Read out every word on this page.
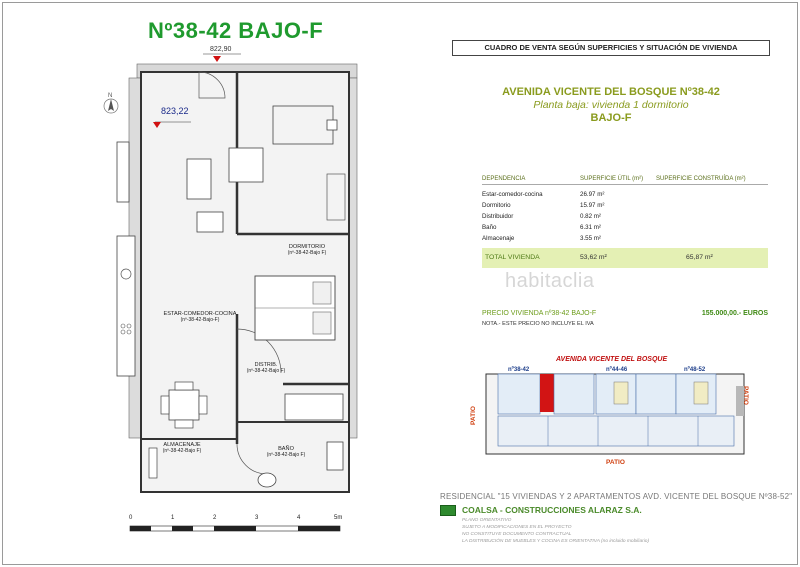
Nº38-42 BAJO-F
N
822,90
823,22
ESTAR-COMEDOR-COCINA
(nº-38-42-Bajo-F)
DORMITORIO
(nº-38-42-Bajo F)
DISTRIB.
(nº-38-42-Bajo F)
ALMACENAJE
(nº-38-42-Bajo F)	BAÑO
(nº-38-42-Bajo F)
0	1	2	3	4	5m
CUADRO DE VENTA SEGÚN SUPERFICIES Y SITUACIÓN DE VIVIENDA
AVENIDA VICENTE DEL BOSQUE Nº38-42
Planta baja: vivienda 1 dormitorio
BAJO-F
DEPENDENCIA	SUPERFICIE ÚTIL (m²)	SUPERFICIE CONSTRUÍDA (m²)
Estar-comedor-cocina	26.97 m²
Dormitorio	15.97 m²
Distribuidor	0.82 m²
Baño	6.31 m²
Almacenaje	3.55 m²
TOTAL VIVIENDA	53,62 m²	65,87 m²
PRECIO VIVIENDA nº38-42 BAJO-F	155.000,00.- EUROS
NOTA.- ESTE PRECIO NO INCLUYE EL IVA
habitaclia
AVENIDA VICENTE DEL BOSQUE
nº38-42	nº44-46	nº48-52
PATIO
PATIO
PATIO
RESIDENCIAL "15 VIVIENDAS Y 2 APARTAMENTOS AVD. VICENTE DEL BOSQUE Nº38-52"
COALSA - CONSTRUCCIONES ALARAZ S.A.
PLANO ORIENTATIVO
SUJETO A MODIFICACIONES EN EL PROYECTO
NO CONSTITUYE DOCUMENTO CONTRACTUAL
LA DISTRIBUCIÓN DE MUEBLES Y COCINA ES ORIENTATIVA (no incluido mobiliario)
